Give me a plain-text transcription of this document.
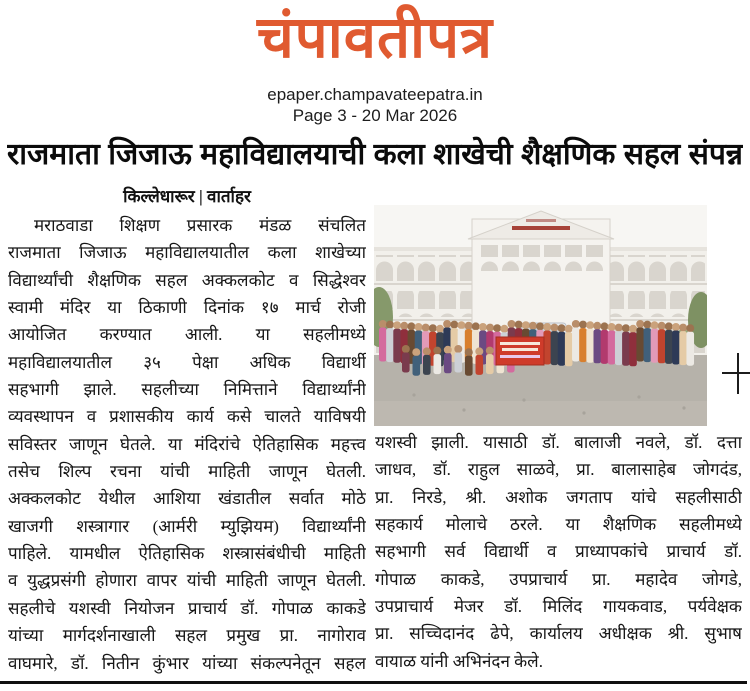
चंपावतीपत्र
epaper.champavateepatra.in
Page 3 - 20 Mar 2026
राजमाता जिजाऊ महाविद्यालयाची कला शाखेची शैक्षणिक सहल संपन्न
किल्लेधारूर | वार्ताहर
मराठवाडा शिक्षण प्रसारक मंडळ संचलित
राजमाता जिजाऊ महाविद्यालयातील कला शाखेच्या
विद्यार्थ्यांची शैक्षणिक सहल अक्कलकोट व सिद्धेश्वर
स्वामी मंदिर या ठिकाणी दिनांक १७ मार्च रोजी
आयोजित करण्यात आली. या सहलीमध्ये
महाविद्यालयातील ३५ पेक्षा अधिक विद्यार्थी
सहभागी झाले. सहलीच्या निमित्ताने विद्यार्थ्यांनी
व्यवस्थापन व प्रशासकीय कार्य कसे चालते याविषयी
सविस्तर जाणून घेतले. या मंदिरांचे ऐतिहासिक महत्त्व
तसेच शिल्प रचना यांची माहिती जाणून घेतली.
अक्कलकोट येथील आशिया खंडातील सर्वात मोठे
खाजगी शस्त्रागार (आर्मरी म्युझियम) विद्यार्थ्यांनी
पाहिले. यामधील ऐतिहासिक शस्त्रासंबंधीची माहिती
व युद्धप्रसंगी होणारा वापर यांची माहिती जाणून घेतली.
सहलीचे यशस्वी नियोजन प्राचार्य डॉ. गोपाळ काकडे
यांच्या मार्गदर्शनाखाली सहल प्रमुख प्रा. नागोराव
वाघमारे, डॉ. नितीन कुंभार यांच्या संकल्पनेतून सहल
यशस्वी झाली. यासाठी डॉ. बालाजी नवले, डॉ. दत्ता
जाधव, डॉ. राहुल साळवे, प्रा. बालासाहेब जोगदंड,
प्रा. निरडे, श्री. अशोक जगताप यांचे सहलीसाठी
सहकार्य मोलाचे ठरले. या शैक्षणिक सहलीमध्ये
सहभागी सर्व विद्यार्थी व प्राध्यापकांचे प्राचार्य डॉ.
गोपाळ काकडे, उपप्राचार्य प्रा. महादेव जोगडे,
उपप्राचार्य मेजर डॉ. मिलिंद गायकवाड, पर्यवेक्षक
प्रा. सच्चिदानंद ढेपे, कार्यालय अधीक्षक श्री. सुभाष
वायाळ यांनी अभिनंदन केले.
